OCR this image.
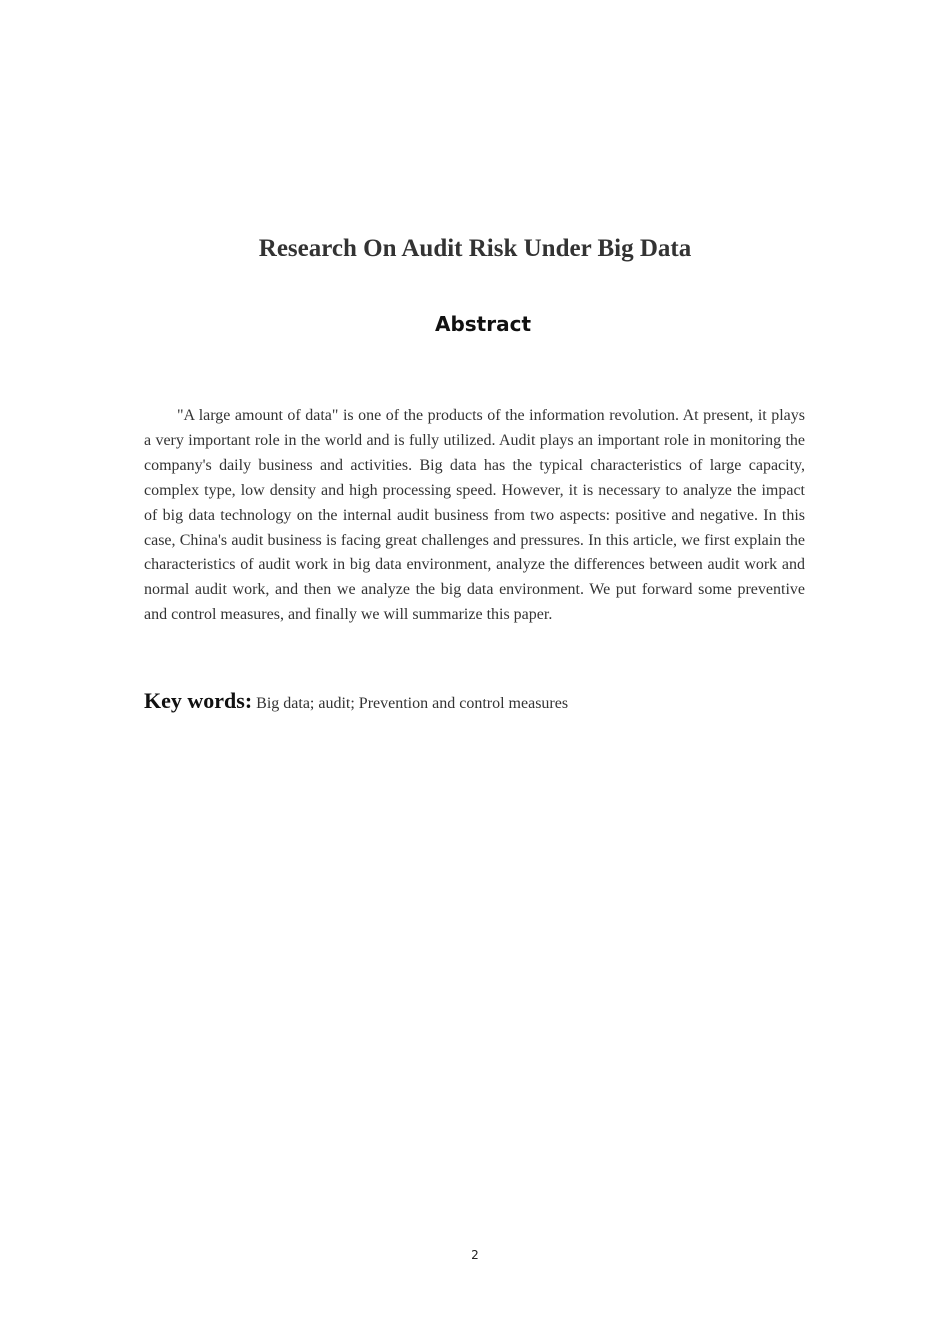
Research On Audit Risk Under Big Data
Abstract

"A large amount of data" is one of the products of the information revolution. At present, it plays a very important role in the world and is fully utilized. Audit plays an important role in monitoring the company's daily business and activities. Big data has the typical characteristics of large capacity, complex type, low density and high processing speed. However, it is necessary to analyze the impact of big data technology on the internal audit business from two aspects: positive and negative. In this case, China's audit business is facing great challenges and pressures. In this article, we first explain the characteristics of audit work in big data environment, analyze the differences between audit work and normal audit work, and then we analyze the big data environment. We put forward some preventive and control measures, and finally we will summarize this paper.

Key words: Big data; audit; Prevention and control measures

2
